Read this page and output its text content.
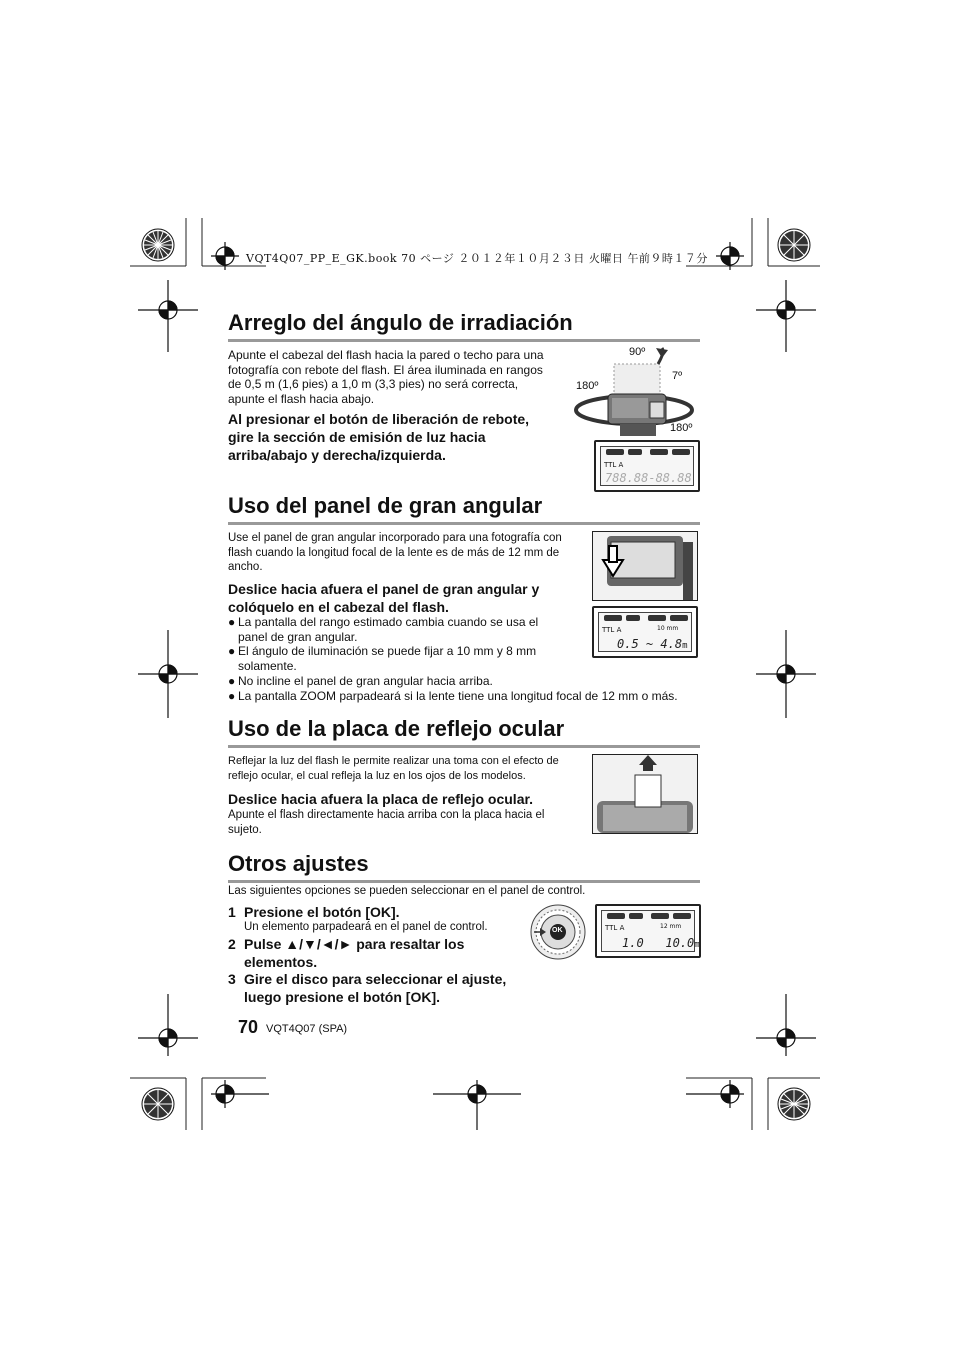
VQT4Q07_PP_E_GK.book 70 ページ ２０１２年１０月２３日 火曜日 午前９時１７分
Arreglo del ángulo de irradiación
Apunte el cabezal del flash hacia la pared o techo para una fotografía con rebote del flash. El área iluminada en rangos de 0,5 m (1,6 pies) a 1,0 m (3,3 pies) no será correcta, apunte el flash hacia abajo.
Al presionar el botón de liberación de rebote, gire la sección de emisión de luz hacia arriba/abajo y derecha/izquierda.
90º
7º
180º
180º
TTL A
788.88-88.88
Uso del panel de gran angular
Use el panel de gran angular incorporado para una fotografía con flash cuando la longitud focal de la lente es de más de 12 mm de ancho.
Deslice hacia afuera el panel de gran angular y colóquelo en el cabezal del flash.
● La pantalla del rango estimado cambia cuando se usa el panel de gran angular.
● El ángulo de iluminación se puede fijar a 10 mm y 8 mm solamente.
● No incline el panel de gran angular hacia arriba.
● La pantalla ZOOM parpadeará si la lente tiene una longitud focal de 12 mm o más.
TTL A	10 mm
0.5 ~ 4.8m
Uso de la placa de reflejo ocular
Reflejar la luz del flash le permite realizar una toma con el efecto de reflejo ocular, el cual refleja la luz en los ojos de los modelos.
Deslice hacia afuera la placa de reflejo ocular.
Apunte el flash directamente hacia arriba con la placa hacia el sujeto.
Otros ajustes
Las siguientes opciones se pueden seleccionar en el panel de control.
1 Presione el botón [OK].
Un elemento parpadeará en el panel de control.
2 Pulse ▲/▼/◄/► para resaltar los elementos.
3 Gire el disco para seleccionar el ajuste, luego presione el botón [OK].
OK	TTL A	12 mm
1.0 10.0m
70 VQT4Q07 (SPA)
